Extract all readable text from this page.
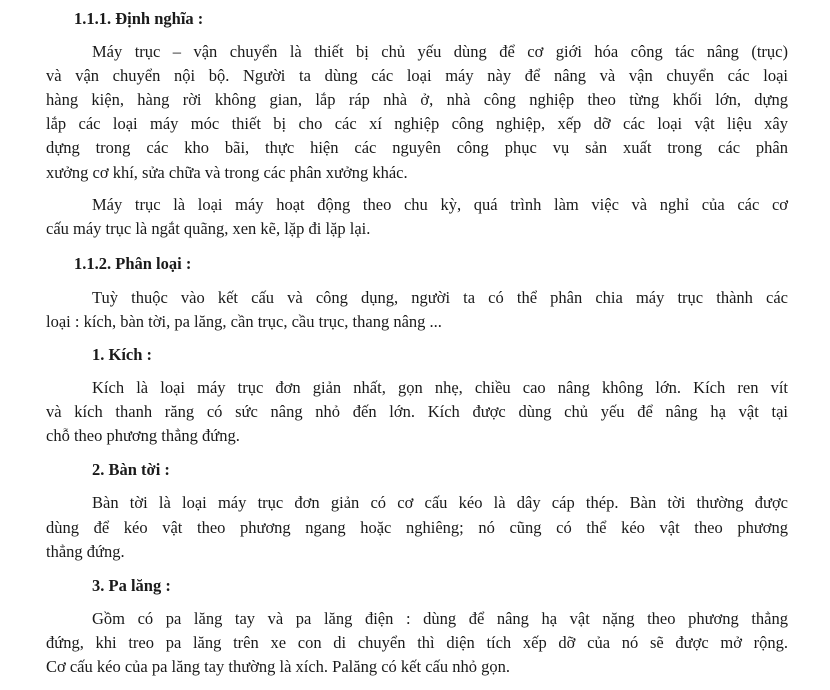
1.1.1. Định nghĩa :
Máy trục – vận chuyển là thiết bị chủ yếu dùng để cơ giới hóa công tác nâng (trục)
và vận chuyển nội bộ. Người ta dùng các loại máy này để nâng và vận chuyển các loại
hàng kiện, hàng rời không gian, lắp ráp nhà ở, nhà công nghiệp theo từng khối lớn, dựng
lắp các loại máy móc thiết bị cho các xí nghiệp công nghiệp, xếp dỡ các loại vật liệu xây
dựng trong các kho bãi, thực hiện các nguyên công phục vụ sản xuất trong các phân
xưởng cơ khí, sửa chữa và trong các phân xưởng khác.
Máy trục là loại máy hoạt động theo chu kỳ, quá trình làm việc và nghỉ của các cơ
cấu máy trục là ngắt quãng, xen kẽ, lặp đi lặp lại.
1.1.2. Phân loại :
Tuỳ thuộc vào kết cấu và công dụng, người ta có thể phân chia máy trục thành các
loại : kích, bàn tời, pa lăng, cần trục, cầu trục, thang nâng ...
1. Kích :
Kích là loại máy trục đơn giản nhất, gọn nhẹ, chiều cao nâng không lớn. Kích ren vít
và kích thanh răng có sức nâng nhỏ đến lớn. Kích được dùng chủ yếu để nâng hạ vật tại
chỗ theo phương thẳng đứng.
2. Bàn tời :
Bàn tời là loại máy trục đơn giản có cơ cấu kéo là dây cáp thép. Bàn tời thường được
dùng để kéo vật theo phương ngang hoặc nghiêng; nó cũng có thể kéo vật theo phương
thẳng đứng.
3. Pa lăng :
Gồm có pa lăng tay và pa lăng điện : dùng để nâng hạ vật nặng theo phương thẳng
đứng, khi treo pa lăng trên xe con di chuyển thì diện tích xếp dỡ của nó sẽ được mở rộng.
Cơ cấu kéo của pa lăng tay thường là xích. Palăng có kết cấu nhỏ gọn.
